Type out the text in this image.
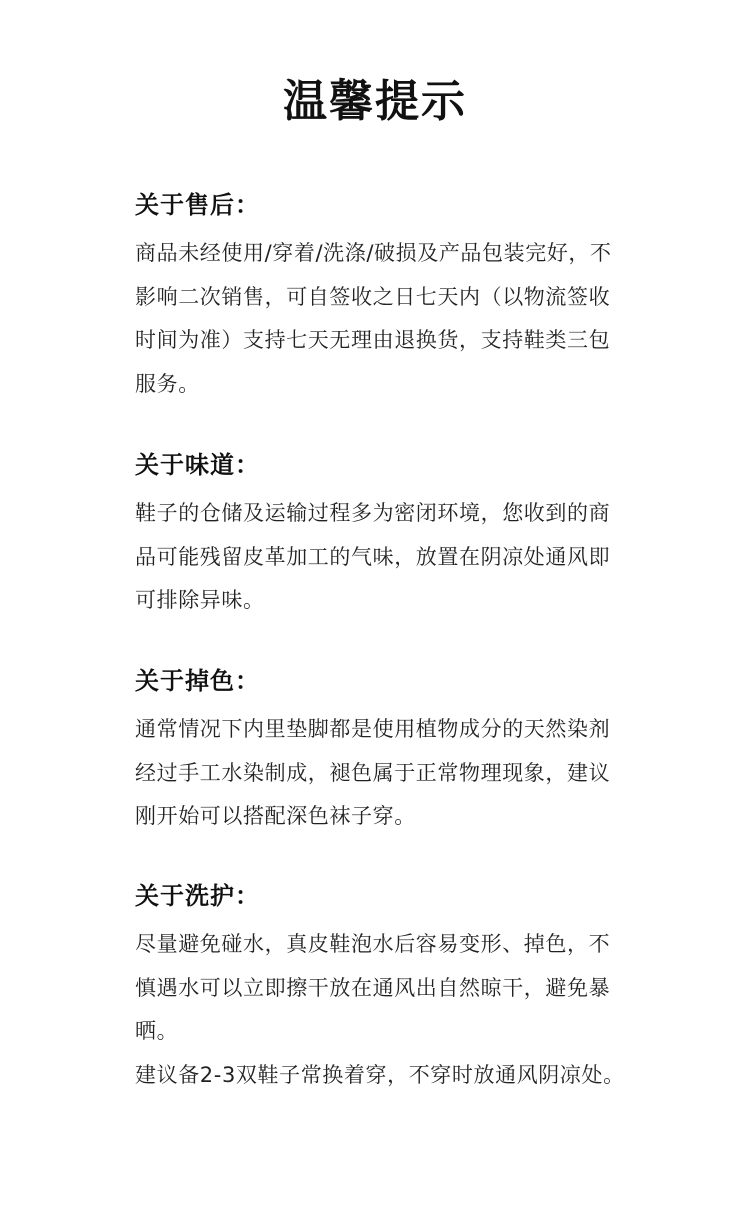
温馨提示
关于售后：

商品未经使用/穿着/洗涤/破损及产品包装完好，不影响二次销售，可自签收之日七天内（以物流签收时间为准）支持七天无理由退换货，支持鞋类三包服务。

关于味道：

鞋子的仓储及运输过程多为密闭环境，您收到的商品可能残留皮革加工的气味，放置在阴凉处通风即可排除异味。

关于掉色：

通常情况下内里垫脚都是使用植物成分的天然染剂经过手工水染制成，褪色属于正常物理现象，建议刚开始可以搭配深色袜子穿。

关于洗护：

尽量避免碰水，真皮鞋泡水后容易变形、掉色，不慎遇水可以立即擦干放在通风出自然晾干，避免暴晒。

建议备2-3双鞋子常换着穿，不穿时放通风阴凉处。
